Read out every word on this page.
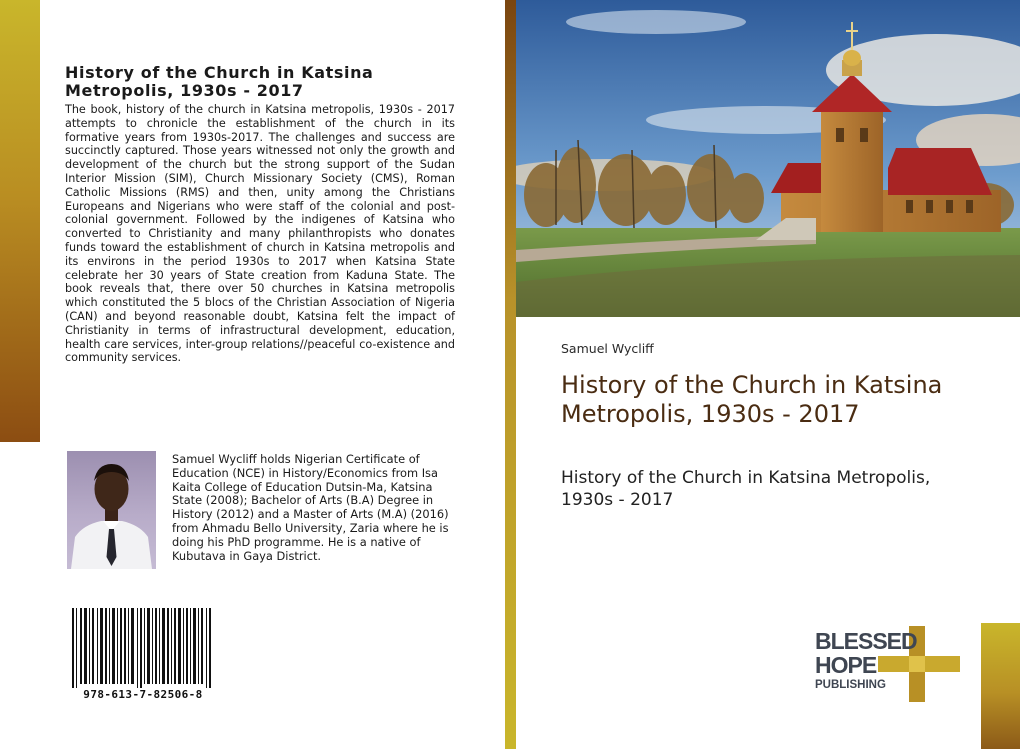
History of the Church in Katsina Metropolis, 1930s - 2017
The book, history of the church in Katsina metropolis, 1930s - 2017 attempts to chronicle the establishment of the church in its formative years from 1930s-2017. The challenges and success are succinctly captured. Those years witnessed not only the growth and development of the church but the strong support of the Sudan Interior Mission (SIM), Church Missionary Society (CMS), Roman Catholic Missions (RMS) and then, unity among the Christians Europeans and Nigerians who were staff of the colonial and post-colonial government. Followed by the indigenes of Katsina who converted to Christianity and many philanthropists who donates funds toward the establishment of church in Katsina metropolis and its environs in the period 1930s to 2017 when Katsina State celebrate her 30 years of State creation from Kaduna State. The book reveals that, there over 50 churches in Katsina metropolis which constituted the 5 blocs of the Christian Association of Nigeria (CAN) and beyond reasonable doubt, Katsina felt the impact of Christianity in terms of infrastructural development, education, health care services, inter-group relations//peaceful co-existence and community services.
Samuel Wycliff holds Nigerian Certificate of Education (NCE) in History/Economics from Isa Kaita College of Education Dutsin-Ma, Katsina State (2008); Bachelor of Arts (B.A) Degree in History (2012) and a Master of Arts (M.A) (2016) from Ahmadu Bello University, Zaria where he is doing his PhD programme. He is a native of Kubutava in Gaya District.
978-613-7-82506-8
Samuel Wycliff
History of the Church in Katsina Metropolis, 1930s - 2017
History of the Church in Katsina Metropolis, 1930s - 2017
BLESSED
HOPE
PUBLISHING
